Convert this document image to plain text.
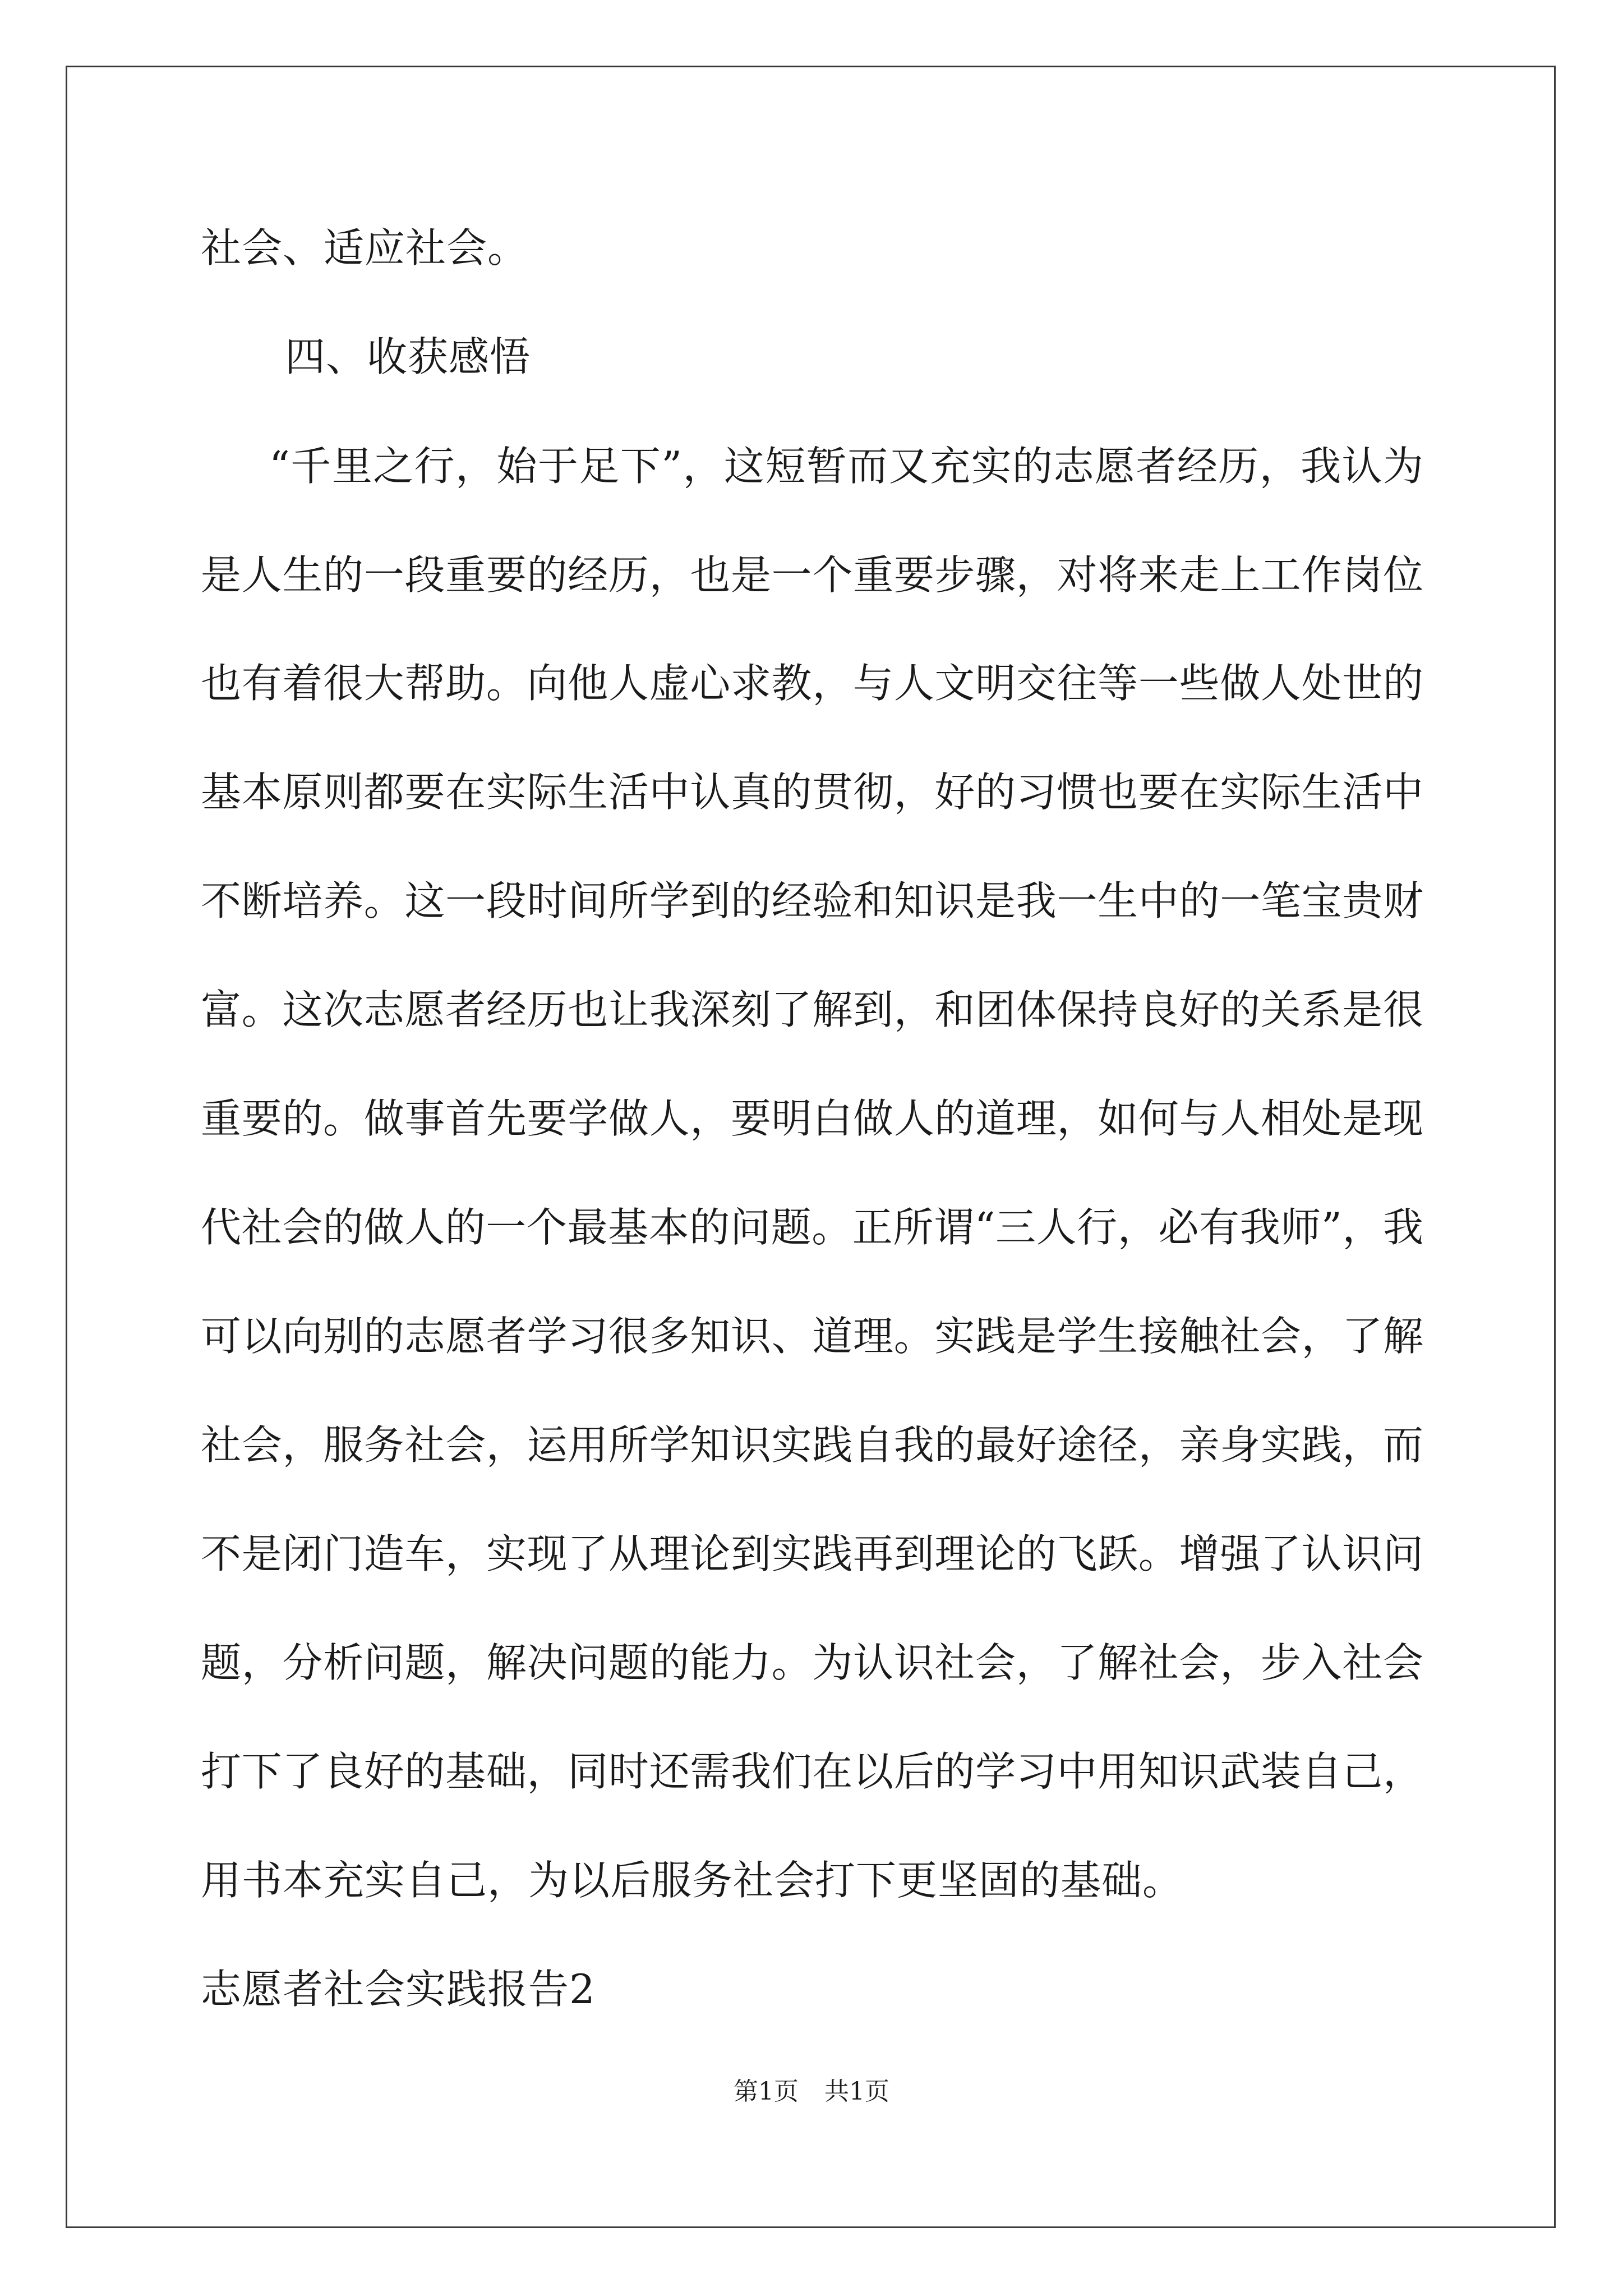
社会、适应社会。
四、收获感悟
“千里之行，始于足下”，这短暂而又充实的志愿者经历，我认为
是人生的一段重要的经历，也是一个重要步骤，对将来走上工作岗位
也有着很大帮助。向他人虚心求教，与人文明交往等一些做人处世的
基本原则都要在实际生活中认真的贯彻，好的习惯也要在实际生活中
不断培养。这一段时间所学到的经验和知识是我一生中的一笔宝贵财
富。这次志愿者经历也让我深刻了解到，和团体保持良好的关系是很
重要的。做事首先要学做人，要明白做人的道理，如何与人相处是现
代社会的做人的一个最基本的问题。正所谓“三人行，必有我师”，我
可以向别的志愿者学习很多知识、道理。实践是学生接触社会，了解
社会，服务社会，运用所学知识实践自我的最好途径，亲身实践，而
不是闭门造车，实现了从理论到实践再到理论的飞跃。增强了认识问
题，分析问题，解决问题的能力。为认识社会，了解社会，步入社会
打下了良好的基础，同时还需我们在以后的学习中用知识武装自己，
用书本充实自己，为以后服务社会打下更坚固的基础。
志愿者社会实践报告2
第1页 共1页
